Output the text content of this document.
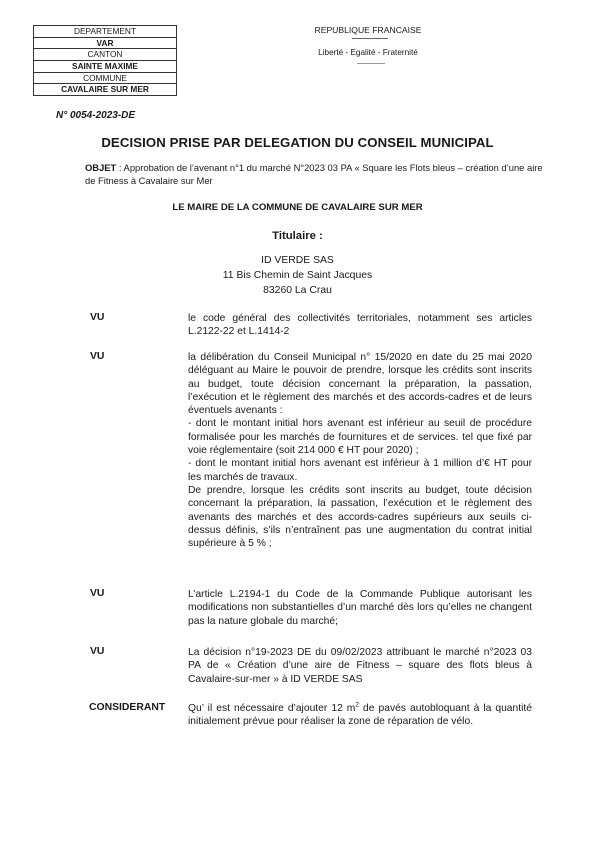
DEPARTEMENT
VAR
CANTON
SAINTE MAXIME
COMMUNE
CAVALAIRE SUR MER
REPUBLIQUE FRANCAISE
Liberté - Egalité - Fraternité
N° 0054-2023-DE
DECISION PRISE PAR DELEGATION DU CONSEIL MUNICIPAL
OBJET : Approbation de l’avenant n°1 du marché N°2023 03 PA « Square les Flots bleus – création d’une aire de Fitness à Cavalaire sur Mer
LE MAIRE DE LA COMMUNE DE CAVALAIRE SUR MER
Titulaire :
ID VERDE SAS
11 Bis Chemin de Saint Jacques
83260 La Crau
VU	le code général des collectivités territoriales, notamment ses articles L.2122-22 et L.1414-2
VU	la délibération du Conseil Municipal n° 15/2020 en date du 25 mai 2020 déléguant au Maire le pouvoir de prendre, lorsque les crédits sont inscrits au budget, toute décision concernant la préparation, la passation, l’exécution et le règlement des marchés et des accords-cadres et de leurs éventuels avenants :
- dont le montant initial hors avenant est inférieur au seuil de procédure formalisée pour les marchés de fournitures et de services. tel que fixé par voie réglementaire (soit 214 000 € HT pour 2020) ;
- dont le montant initial hors avenant est inférieur à 1 million d’€ HT pour les marchés de travaux.
De prendre, lorsque les crédits sont inscrits au budget, toute décision concernant la préparation, la passation, l’exécution et le règlement des avenants des marchés et des accords-cadres supérieurs aux seuils ci-dessus définis, s’ils n’entraînent pas une augmentation du contrat initial supérieure à 5 % ;
VU	L’article L.2194-1 du Code de la Commande Publique autorisant les modifications non substantielles d’un marché dès lors qu’elles ne changent pas la nature globale du marché;
VU	La décision n°19-2023 DE du 09/02/2023 attribuant le marché n°2023 03 PA de « Création d’une aire de Fitness – square des flots bleus à Cavalaire-sur-mer » à ID VERDE SAS
CONSIDERANT Qu’ il est nécessaire d’ajouter 12 $m^2$ de pavés autobloquant à la quantité initialement prévue pour réaliser la zone de réparation de vélo.
